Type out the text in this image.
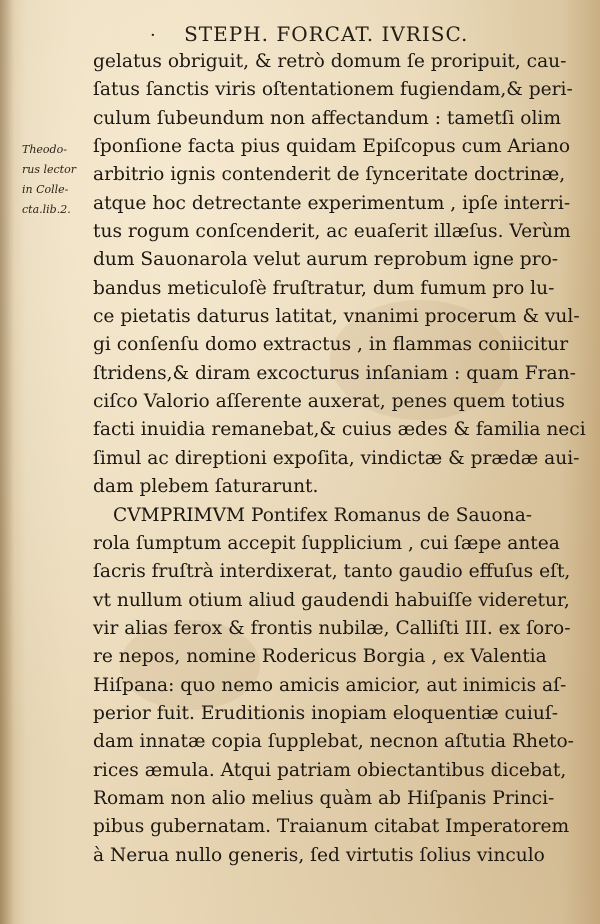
· STEPH. FORCAT. IVRISC.
Theodo-
rus lector
in Colle-
cta.lib.2.
gelatus obriguit, & retrò domum ſe proripuit, cau-
ſatus ſanctis viris oſtentationem fugiendam,& peri-
culum ſubeundum non affectandum : tametſi olim
ſponſione facta pius quidam Epiſcopus cum Ariano
arbitrio ignis contenderit de ſynceritate doctrinæ,
atque hoc detrectante experimentum , ipſe interri-
tus rogum conſcenderit, ac euaſerit illæſus. Verùm
dum Sauonarola velut aurum reprobum igne pro-
bandus meticuloſè fruſtratur, dum fumum pro lu-
ce pietatis daturus latitat, vnanimi procerum & vul-
gi conſenſu domo extractus , in flammas coniicitur
ſtridens,& diram excocturus inſaniam : quam Fran-
ciſco Valorio aſſerente auxerat, penes quem totius
facti inuidia remanebat,& cuius ædes & familia neci
ſimul ac direptioni expoſita, vindictæ & prædæ aui-
dam plebem ſaturarunt.
CVMPRIMVM Pontifex Romanus de Sauona-
rola ſumptum accepit ſupplicium , cui ſæpe antea
ſacris fruſtrà interdixerat, tanto gaudio effuſus eſt,
vt nullum otium aliud gaudendi habuiſſe videretur,
vir alias ferox & frontis nubilæ, Calliſti III. ex ſoro-
re nepos, nomine Rodericus Borgia , ex Valentia
Hiſpana: quo nemo amicis amicior, aut inimicis aſ-
perior fuit. Eruditionis inopiam eloquentiæ cuiuſ-
dam innatæ copia ſupplebat, necnon aſtutia Rheto-
rices æmula. Atqui patriam obiectantibus dicebat,
Romam non alio melius quàm ab Hiſpanis Princi-
pibus gubernatam. Traianum citabat Imperatorem
à Nerua nullo generis, ſed virtutis ſolius vinculo
